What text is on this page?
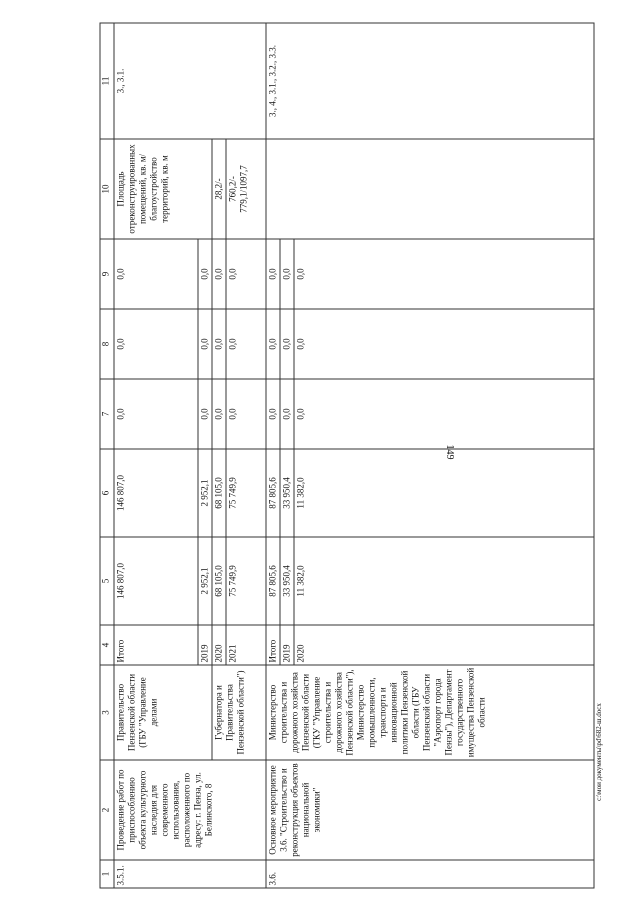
149
c:\мои документы\pd\682-ш.docx
1	2	3	4	5	6	7	8	9	10	11
3.5.1.	Проведение работ по приспособлению объекта культурного наследия для современного использования, расположенного по адресу: г. Пенза, ул. Белинского, 8	Правительство Пензенской области (ГБУ "Управление делами	Итого	146 807,0	146 807,0	0,0	0,0	0,0	Площадь отреконструированных помещений, кв. м/благоустройство территорий, кв. м	3., 3.1.
			2019	2 952,1	2 952,1	0,0	0,0	0,0		
		Губернатора и Правительства Пензенской области")	2020	68 105,0	68 105,0	0,0	0,0	0,0	28,2/-	
			2021	75 749,9	75 749,9	0,0	0,0	0,0	760,2/- 779,1/1097,7	

3.6.	Основное мероприятие 3.6. "Строительство и реконструкция объектов национальной экономики"	Министерство строительства и дорожного хозяйства Пензенской области (ГКУ "Управление строительства и дорожного хозяйства Пензенской области"), Министерство промышленности, транспорта и инновационной политики Пензенской области (ГБУ Пензенской области "Аэропорт города Пензы"), Департамент государственного имущества Пензенской области	Итого	87 805,6	87 805,6	0,0	0,0	0,0		3., 4., 3.1., 3.2., 3.3.
			2019	33 950,4	33 950,4	0,0	0,0	0,0		
			2020	11 382,0	11 382,0	0,0	0,0	0,0		
